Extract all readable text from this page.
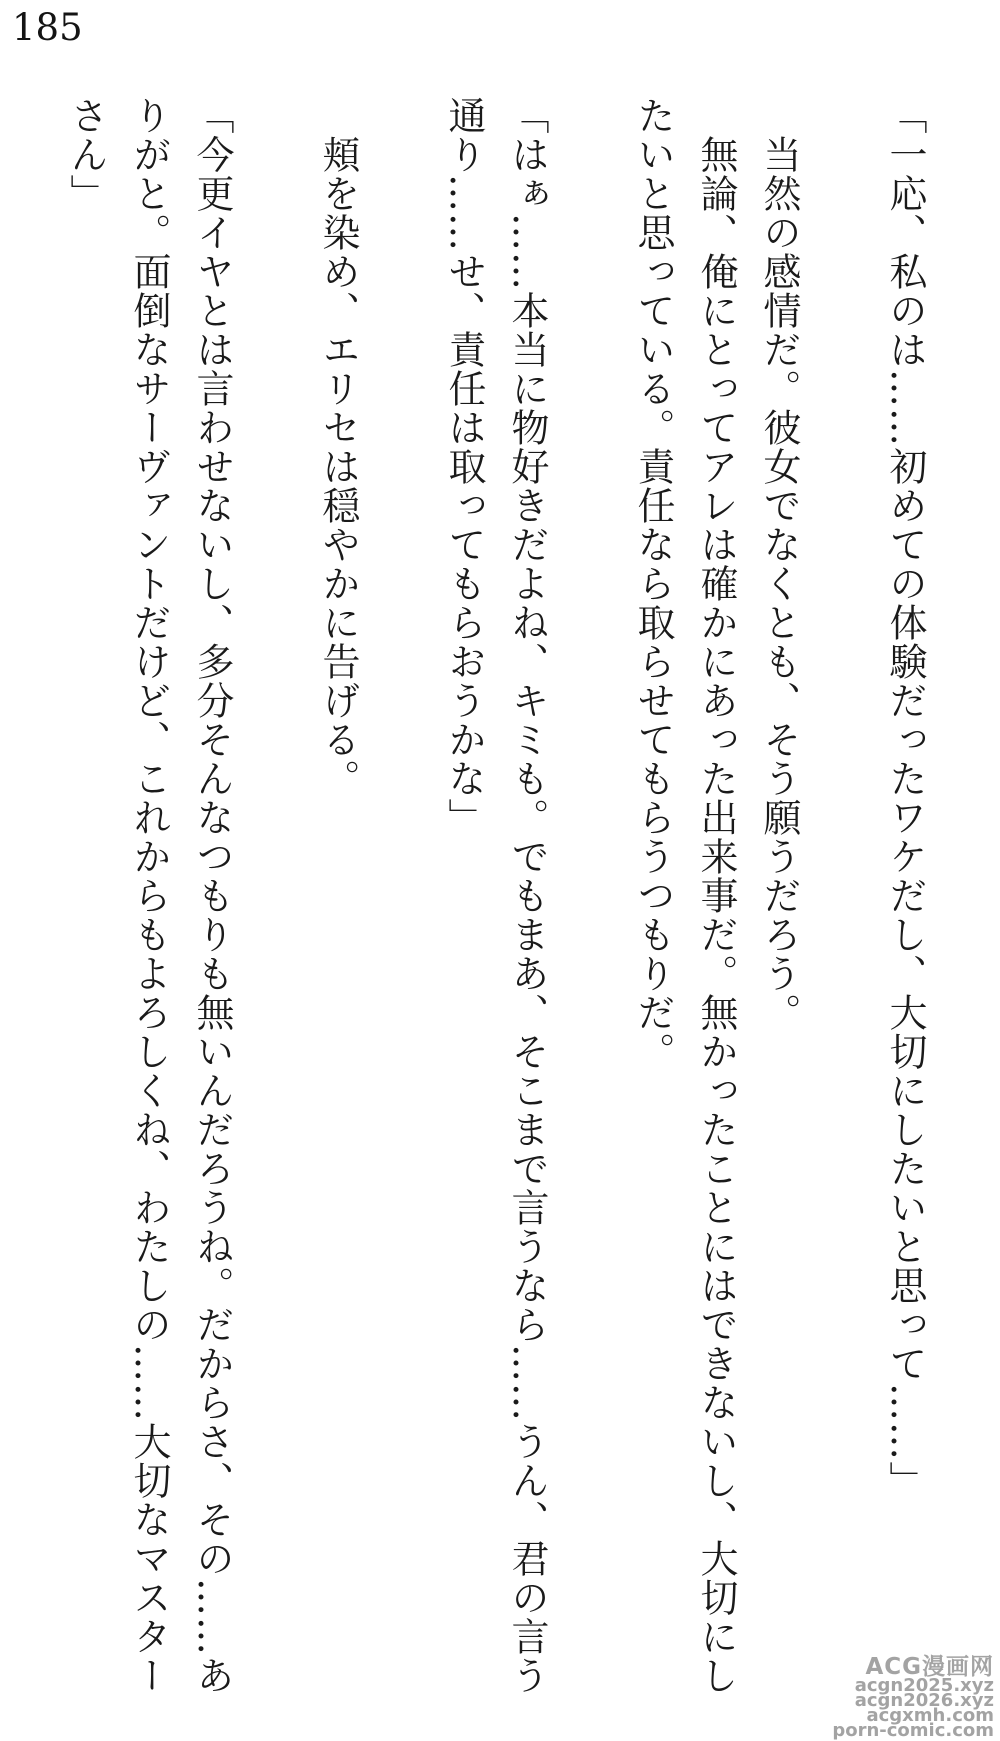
185

「一応、私のは……初めての体験だったワケだし、大切にしたいと思って……」

　当然の感情だ。彼女でなくとも、そう願うだろう。

　無論、俺にとってアレは確かにあった出来事だ。無かったことにはできないし、大切にしたいと思っている。責任なら取らせてもらうつもりだ。

「はぁ……本当に物好きだよね、キミも。でもまあ、そこまで言うなら……うん、君の言う通り……せ、責任は取ってもらおうかな」

　頬を染め、エリセは穏やかに告げる。

「今更イヤとは言わせないし、多分そんなつもりも無いんだろうね。だからさ、その……ありがと。面倒なサーヴァントだけど、これからもよろしくね、わたしの……大切なマスターさん」

ACG漫画网
acgn2025.xyz
acgn2026.xyz
acgxmh.com
porn-comic.com
